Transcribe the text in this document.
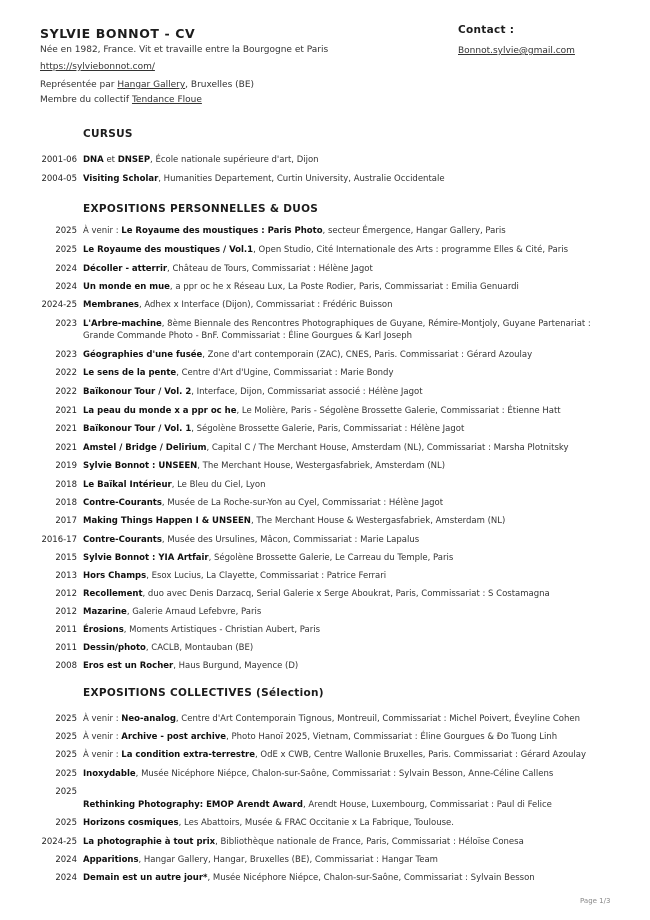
SYLVIE BONNOT - CV
Née en 1982, France. Vit et travaille entre la Bourgogne et Paris
https://sylviebonnot.com/
Représentée par Hangar Gallery, Bruxelles (BE)
Membre du collectif Tendance Floue
Contact :
Bonnot.sylvie@gmail.com
CURSUS
EXPOSITIONS PERSONNELLES & DUOS
EXPOSITIONS COLLECTIVES (Sélection)
2001-06 DNA et DNSEP, École nationale supérieure d'art, Dijon
2004-05 Visiting Scholar, Humanities Departement, Curtin University, Australie Occidentale
2025 À venir : Le Royaume des moustiques : Paris Photo, secteur Émergence, Hangar Gallery, Paris
2025 Le Royaume des moustiques / Vol.1, Open Studio, Cité Internationale des Arts : programme Elles & Cité, Paris
2024 Décoller - atterrir, Château de Tours, Commissariat : Hélène Jagot
2024 Un monde en mue, a ppr oc he x Réseau Lux, La Poste Rodier, Paris, Commissariat : Emilia Genuardi
2024-25 Membranes, Adhex x Interface (Dijon), Commissariat : Frédéric Buisson
2023 L'Arbre-machine, 8ème Biennale des Rencontres Photographiques de Guyane, Rémire-Montjoly, Guyane Partenariat : Grande Commande Photo - BnF. Commissariat : Éline Gourgues & Karl Joseph
2023 Géographies d'une fusée, Zone d'art contemporain (ZAC), CNES, Paris. Commissariat : Gérard Azoulay
2022 Le sens de la pente, Centre d'Art d'Ugine, Commissariat : Marie Bondy
2022 Baïkonour Tour / Vol. 2, Interface, Dijon, Commissariat associé : Hélène Jagot
2021 La peau du monde x a ppr oc he, Le Molière, Paris - Ségolène Brossette Galerie, Commissariat : Étienne Hatt
2021 Baïkonour Tour / Vol. 1, Ségolène Brossette Galerie, Paris, Commissariat : Hélène Jagot
2021 Amstel / Bridge / Delirium, Capital C / The Merchant House, Amsterdam (NL), Commissariat : Marsha Plotnitsky
2019 Sylvie Bonnot : UNSEEN, The Merchant House, Westergasfabriek, Amsterdam (NL)
2018 Le Baïkal Intérieur, Le Bleu du Ciel, Lyon
2018 Contre-Courants, Musée de La Roche-sur-Yon au Cyel, Commissariat : Hélène Jagot
2017 Making Things Happen I & UNSEEN, The Merchant House & Westergasfabriek, Amsterdam (NL)
2016-17 Contre-Courants, Musée des Ursulines, Mâcon, Commissariat : Marie Lapalus
2015 Sylvie Bonnot : YIA Artfair, Ségolène Brossette Galerie, Le Carreau du Temple, Paris
2013 Hors Champs, Esox Lucius, La Clayette, Commissariat : Patrice Ferrari
2012 Recollement, duo avec Denis Darzacq, Serial Galerie x Serge Aboukrat, Paris, Commissariat : S Costamagna
2012 Mazarine, Galerie Arnaud Lefebvre, Paris
2011 Érosions, Moments Artistiques - Christian Aubert, Paris
2011 Dessin/photo, CACLB, Montauban (BE)
2008 Eros est un Rocher, Haus Burgund, Mayence (D)
2025 À venir : Neo-analog, Centre d'Art Contemporain Tignous, Montreuil, Commissariat : Michel Poivert, Éveyline Cohen
2025 À venir : Archive - post archive, Photo Hanoï 2025, Vietnam, Commissariat : Éline Gourgues & Đo Tuong Linh
2025 À venir : La condition extra-terrestre, OdE x CWB, Centre Wallonie Bruxelles, Paris. Commissariat : Gérard Azoulay
2025 Inoxydable, Musée Nicéphore Niépce, Chalon-sur-Saône, Commissariat : Sylvain Besson, Anne-Céline Callens
2025
Rethinking Photography: EMOP Arendt Award, Arendt House, Luxembourg, Commissariat : Paul di Felice
2025 Horizons cosmiques, Les Abattoirs, Musée & FRAC Occitanie x La Fabrique, Toulouse.
2024-25 La photographie à tout prix, Bibliothèque nationale de France, Paris, Commissariat : Héloïse Conesa
2024 Apparitions, Hangar Gallery, Hangar, Bruxelles (BE), Commissariat : Hangar Team
2024 Demain est un autre jour*, Musée Nicéphore Niépce, Chalon-sur-Saône, Commissariat : Sylvain Besson
Page 1/3
